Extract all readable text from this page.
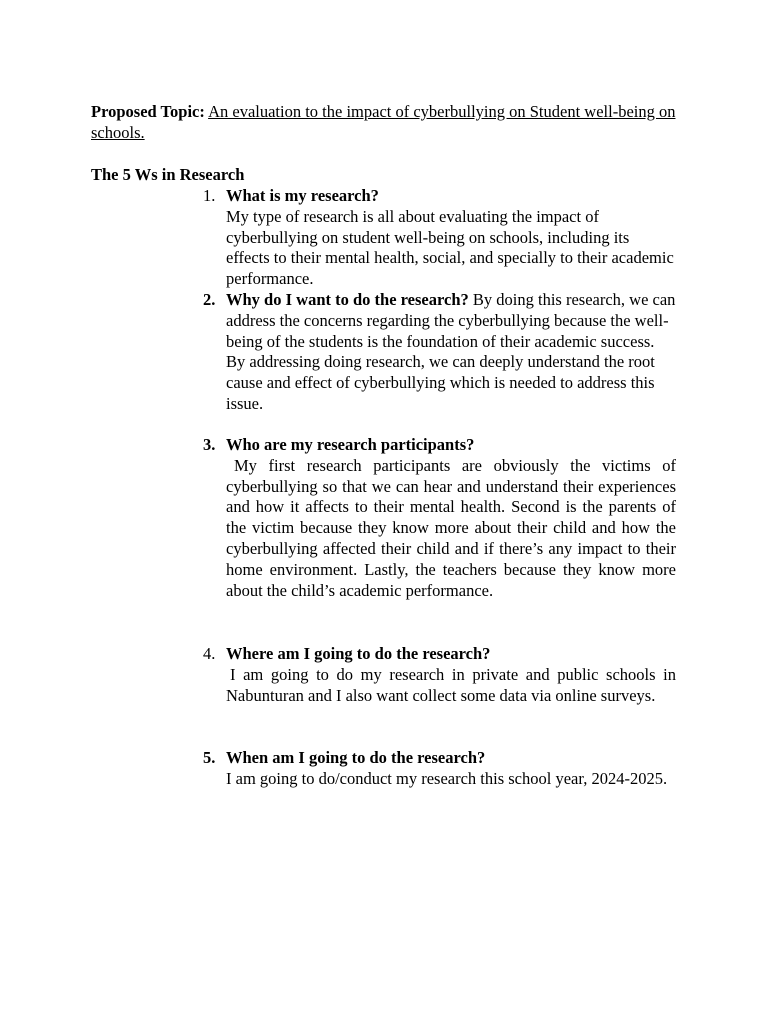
Proposed Topic: An evaluation to the impact of cyberbullying on Student well-being on schools.
The 5 Ws in Research
1. What is my research?
My type of research is all about evaluating the impact of cyberbullying on student well-being on schools, including its effects to their mental health, social, and specially to their academic performance.
2. Why do I want to do the research? By doing this research, we can address the concerns regarding the cyberbullying because the well-being of the students is the foundation of their academic success. By addressing doing research, we can deeply understand the root cause and effect of cyberbullying which is needed to address this issue.
3. Who are my research participants?
My first research participants are obviously the victims of cyberbullying so that we can hear and understand their experiences and how it affects to their mental health. Second is the parents of the victim because they know more about their child and how the cyberbullying affected their child and if there’s any impact to their home environment. Lastly, the teachers because they know more about the child’s academic performance.
4. Where am I going to do the research?
I am going to do my research in private and public schools in Nabunturan and I also want collect some data via online surveys.
5. When am I going to do the research?
I am going to do/conduct my research this school year, 2024-2025.
